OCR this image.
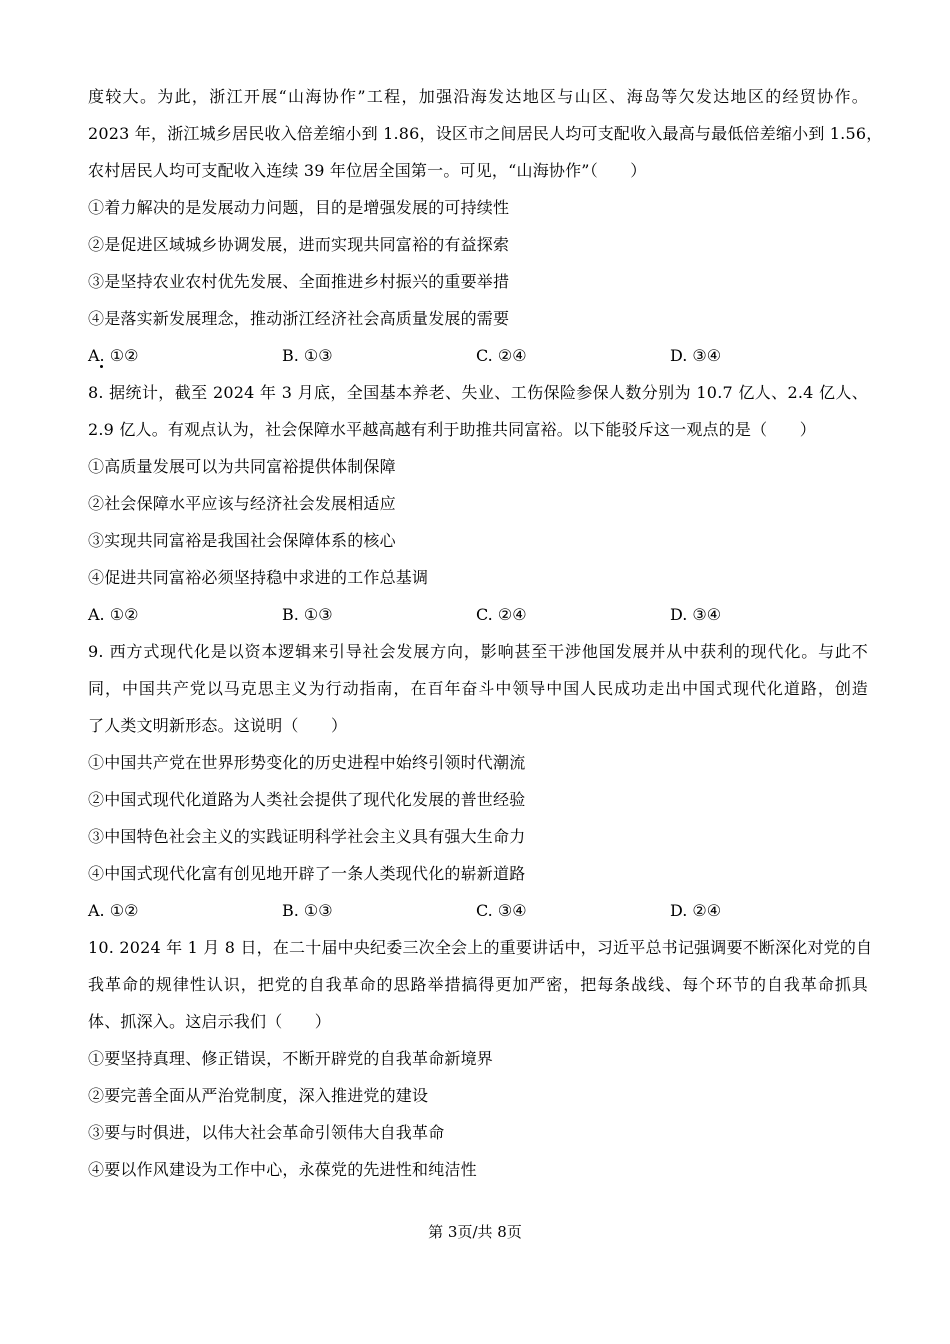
度较大。为此，浙江开展“山海协作”工程，加强沿海发达地区与山区、海岛等欠发达地区的经贸协作。
2023 年，浙江城乡居民收入倍差缩小到 1.86，设区市之间居民人均可支配收入最高与最低倍差缩小到 1.56，
农村居民人均可支配收入连续 39 年位居全国第一。可见，“山海协作”（　　）
①着力解决的是发展动力问题，目的是增强发展的可持续性
②是促进区域城乡协调发展，进而实现共同富裕的有益探索
③是坚持农业农村优先发展、全面推进乡村振兴的重要举措
④是落实新发展理念，推动浙江经济社会高质量发展的需要
A. ①②	B. ①③	C. ②④	D. ③④
8. 据统计，截至 2024 年 3 月底，全国基本养老、失业、工伤保险参保人数分别为 10.7 亿人、2.4 亿人、
2.9 亿人。有观点认为，社会保障水平越高越有利于助推共同富裕。以下能驳斥这一观点的是（　　）
①高质量发展可以为共同富裕提供体制保障
②社会保障水平应该与经济社会发展相适应
③实现共同富裕是我国社会保障体系的核心
④促进共同富裕必须坚持稳中求进的工作总基调
A. ①②	B. ①③	C. ②④	D. ③④
9. 西方式现代化是以资本逻辑来引导社会发展方向，影响甚至干涉他国发展并从中获利的现代化。与此不
同，中国共产党以马克思主义为行动指南，在百年奋斗中领导中国人民成功走出中国式现代化道路，创造
了人类文明新形态。这说明（　　）
①中国共产党在世界形势变化的历史进程中始终引领时代潮流
②中国式现代化道路为人类社会提供了现代化发展的普世经验
③中国特色社会主义的实践证明科学社会主义具有强大生命力
④中国式现代化富有创见地开辟了一条人类现代化的崭新道路
A. ①②	B. ①③	C. ③④	D. ②④
10. 2024 年 1 月 8 日，在二十届中央纪委三次全会上的重要讲话中，习近平总书记强调要不断深化对党的自
我革命的规律性认识，把党的自我革命的思路举措搞得更加严密，把每条战线、每个环节的自我革命抓具
体、抓深入。这启示我们（　　）
①要坚持真理、修正错误，不断开辟党的自我革命新境界
②要完善全面从严治党制度，深入推进党的建设
③要与时俱进，以伟大社会革命引领伟大自我革命
④要以作风建设为工作中心，永葆党的先进性和纯洁性
第 3页/共 8页
